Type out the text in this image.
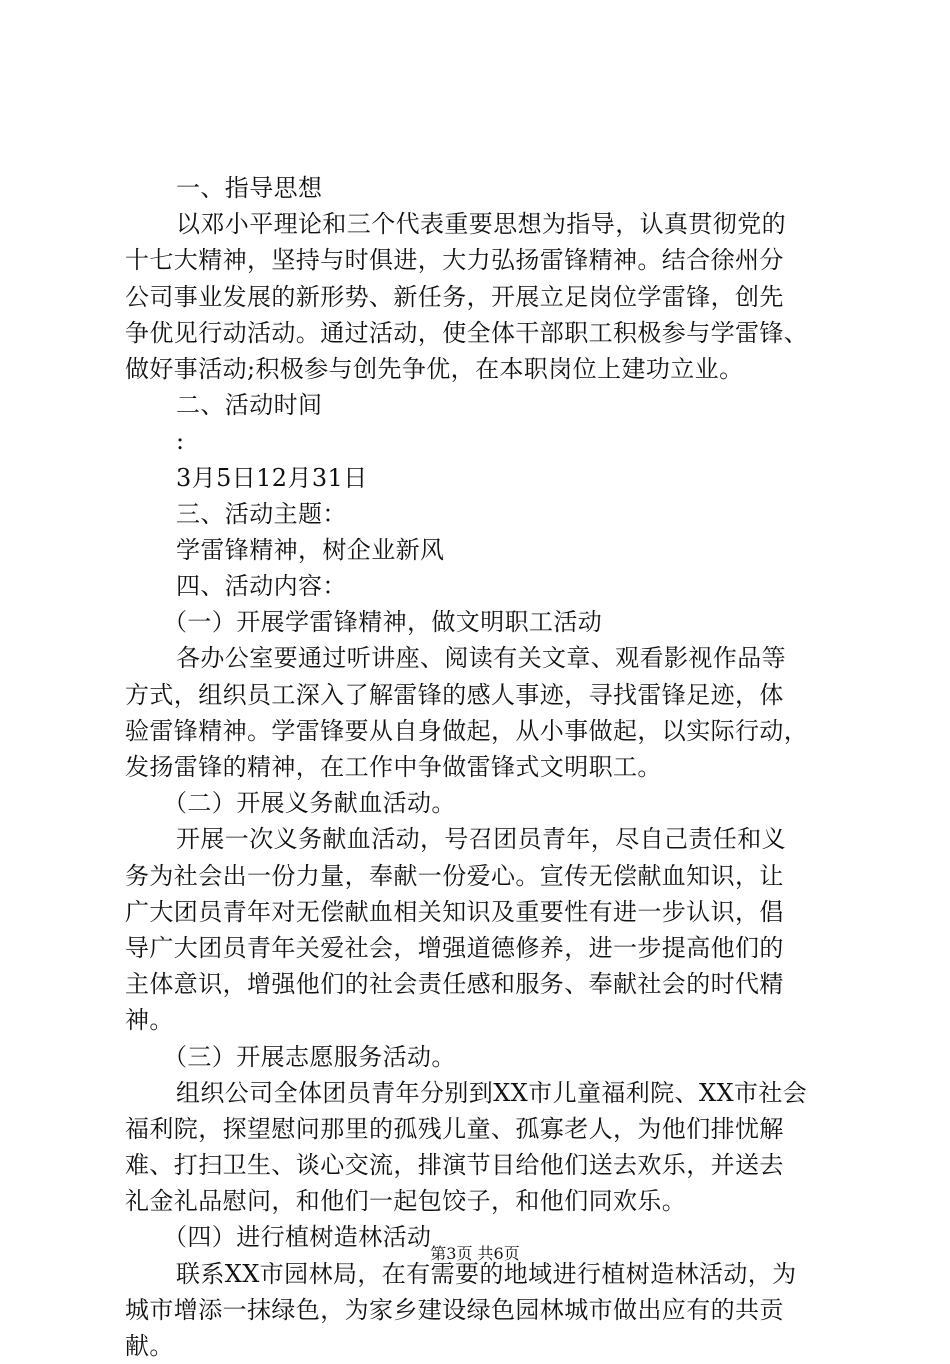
一、指导思想
以邓小平理论和三个代表重要思想为指导，认真贯彻党的
十七大精神，坚持与时俱进，大力弘扬雷锋精神。结合徐州分
公司事业发展的新形势、新任务，开展立足岗位学雷锋，创先
争优见行动活动。通过活动，使全体干部职工积极参与学雷锋、
做好事活动;积极参与创先争优，在本职岗位上建功立业。
二、活动时间
:
3月5日12月31日
三、活动主题：
学雷锋精神，树企业新风
四、活动内容：
（一）开展学雷锋精神，做文明职工活动
各办公室要通过听讲座、阅读有关文章、观看影视作品等
方式，组织员工深入了解雷锋的感人事迹，寻找雷锋足迹，体
验雷锋精神。学雷锋要从自身做起，从小事做起，以实际行动，
发扬雷锋的精神，在工作中争做雷锋式文明职工。
（二）开展义务献血活动。
开展一次义务献血活动，号召团员青年，尽自己责任和义
务为社会出一份力量，奉献一份爱心。宣传无偿献血知识，让
广大团员青年对无偿献血相关知识及重要性有进一步认识，倡
导广大团员青年关爱社会，增强道德修养，进一步提高他们的
主体意识，增强他们的社会责任感和服务、奉献社会的时代精
神。
（三）开展志愿服务活动。
组织公司全体团员青年分别到XX市儿童福利院、XX市社会
福利院，探望慰问那里的孤残儿童、孤寡老人，为他们排忧解
难、打扫卫生、谈心交流，排演节目给他们送去欢乐，并送去
礼金礼品慰问，和他们一起包饺子，和他们同欢乐。
（四）进行植树造林活动
联系XX市园林局，在有需要的地域进行植树造林活动，为
城市增添一抹绿色，为家乡建设绿色园林城市做出应有的共贡
献。
第3页 共6页
